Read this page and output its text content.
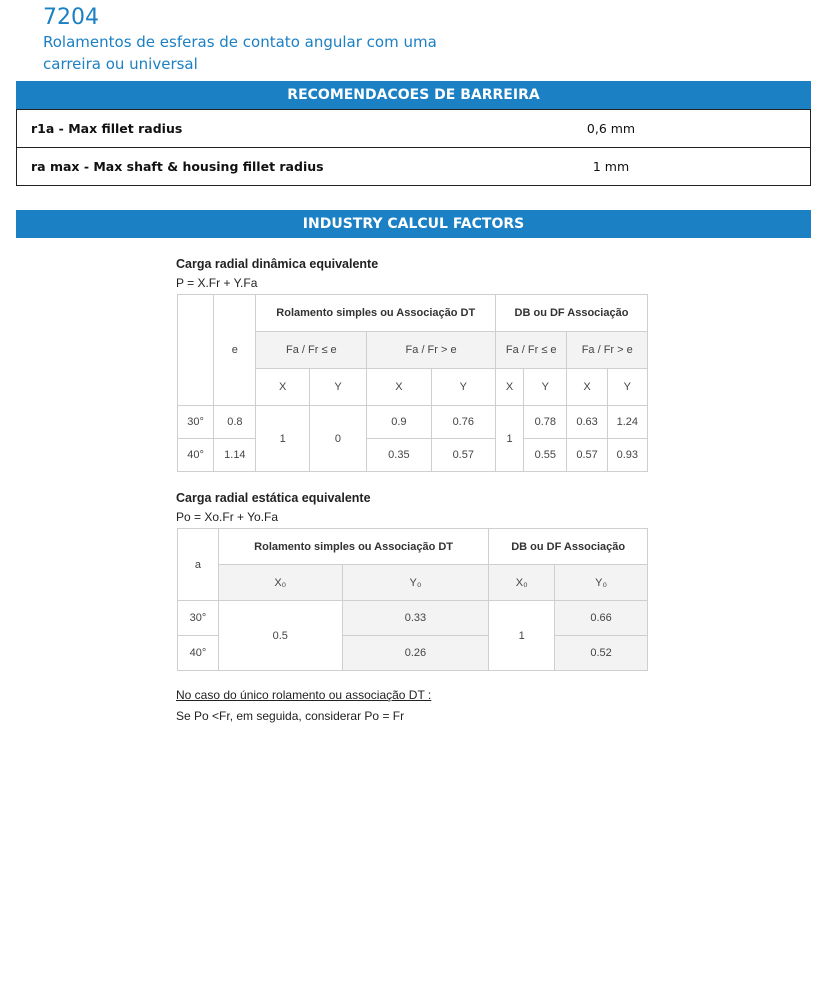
7204
Rolamentos de esferas de contato angular com uma carreira ou universal
RECOMENDACOES DE BARREIRA
r1a - Max fillet radius	0,6 mm
ra max - Max shaft & housing fillet radius	1 mm
INDUSTRY CALCUL FACTORS
Carga radial dinâmica equivalente
P = X.Fr + Y.Fa
	e	Rolamento simples ou Associação DT				DB ou DF Associação			
		Fa / Fr ≤ e		Fa / Fr > e		Fa / Fr ≤ e		Fa / Fr > e	
		X	Y	X	Y	X	Y	X	Y
30°	0.8	1	0	0.9	0.76	1	0.78	0.63	1.24
40°	1.14			0.35	0.57		0.55	0.57	0.93
Carga radial estática equivalente
Po = Xo.Fr + Yo.Fa
a	Rolamento simples ou Associação DT		DB ou DF Associação	
	X₀	Y₀	X₀	Y₀
30°	0.5	0.33	1	0.66
40°		0.26		0.52
No caso do único rolamento ou associação DT :
Se Po <Fr, em seguida, considerar Po = Fr
